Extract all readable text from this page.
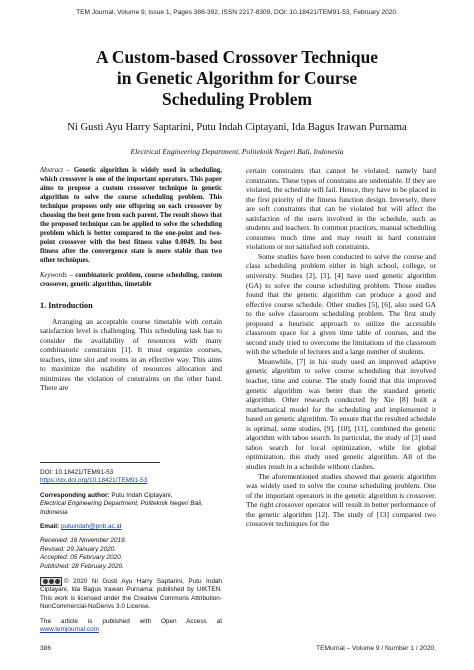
TEM Journal. Volume 9, Issue 1, Pages 386-392, ISSN 2217-8309, DOI: 10.18421/TEM91-53, February 2020.
A Custom-based Crossover Technique
in Genetic Algorithm for Course
Scheduling Problem
Ni Gusti Ayu Harry Saptarini, Putu Indah Ciptayani, Ida Bagus Irawan Purnama
Electrical Engineering Department, Politeknik Negeri Bali, Indonesia

Abstract – Genetic algorithm is widely used in scheduling, which crossover is one of the important operators. This paper aims to propose a custom crossover technique in genetic algorithm to solve the course scheduling problem. This technique proposes only one offspring on each crossover by choosing the best gene from each parent. The result shows that the proposed technique can be applied to solve the scheduling problem which is better compared to the one-point and two-point crossover with the best fitness value 0.0049. Its best fitness after the convergence state is more stable than two other techniques.

Keywords – combinatoric problem, course scheduling, custom crossover, genetic algorithm, timetable

1. Introduction

Arranging an acceptable course timetable with certain satisfaction level is challenging. This scheduling task has to consider the availability of resources with many combinatoric constraints [1]. It must organize courses, teachers, time slot and rooms in an effective way. This aims to maximize the usability of resources allocation and minimizes the violation of constraints on the other hand. There are

DOI: 10.18421/TEM91-53
https://dx.doi.org/10.18421/TEM91-53
Corresponding author: Putu Indah Ciptayani,
Electrical Engineering Department, Politeknik Negeri Bali, Indonesia
Email: putuindah@pnb.ac.id
Received: 16 November 2019.
Revised: 29 January 2020.
Accepted: 05 February 2020.
Published: 28 February 2020.

© 2020 Ni Gusti Ayu Harry Saptarini, Putu Indah Ciptayani, Ida Bagus Irawan Purnama; published by UIKTEN. This work is licensed under the Creative Commons Attribution-NonCommercial-NoDerivs 3.0 License.

The article is published with Open Access at www.temjournal.com

certain constraints that cannot be violated, namely hard constraints. These types of constrains are undeniable. If they are violated, the schedule will fail. Hence, they have to be placed in the first priority of the fitness function design. Inversely, there are soft constraints that can be violated but will affect the satisfaction of the users involved in the schedule, such as students and teachers. In common practices, manual scheduling consumes much time and may result in hard constraint violations or not satisfied soft constraints.

Some studies have been conducted to solve the course and class scheduling problem either in high school, college, or university. Studies [2], [3], [4] have used genetic algorithm (GA) to solve the course scheduling problem. Those studies found that the genetic algorithm can produce a good and effective course schedule. Other studies [5], [6], also used GA to the solve classroom scheduling problem. The first study proposed a heuristic approach to utilize the accessible classroom space for a given time table of courses, and the second study tried to overcome the limitations of the classroom with the schedule of lectures and a large number of students.

Meanwhile, [7] in his study used an improved adaptive genetic algorithm to solve course scheduling that involved teacher, time and course. The study found that this improved genetic algorithm was better than the standard genetic algorithm. Other research conducted by Xie [8] built a mathematical model for the scheduling and implemented it based on genetic algorithm. To ensure that the resulted schedule is optimal, some studies, [9], [10], [11], combined the genetic algorithm with taboo search. In particular, the study of [3] used taboo search for local optimization, while for global optimization, this study used genetic algorithm. All of the studies result in a schedule without clashes.

The aforementioned studies showed that genetic algorithm was widely used to solve the course scheduling problem. One of the important operators in the genetic algorithm is crossover. The right crossover operator will result in better performance of the genetic algorithm [12]. The study of [13] compared two crossover techniques for the

386	TEMurnal – Volume 9 / Number 1 / 2020.
